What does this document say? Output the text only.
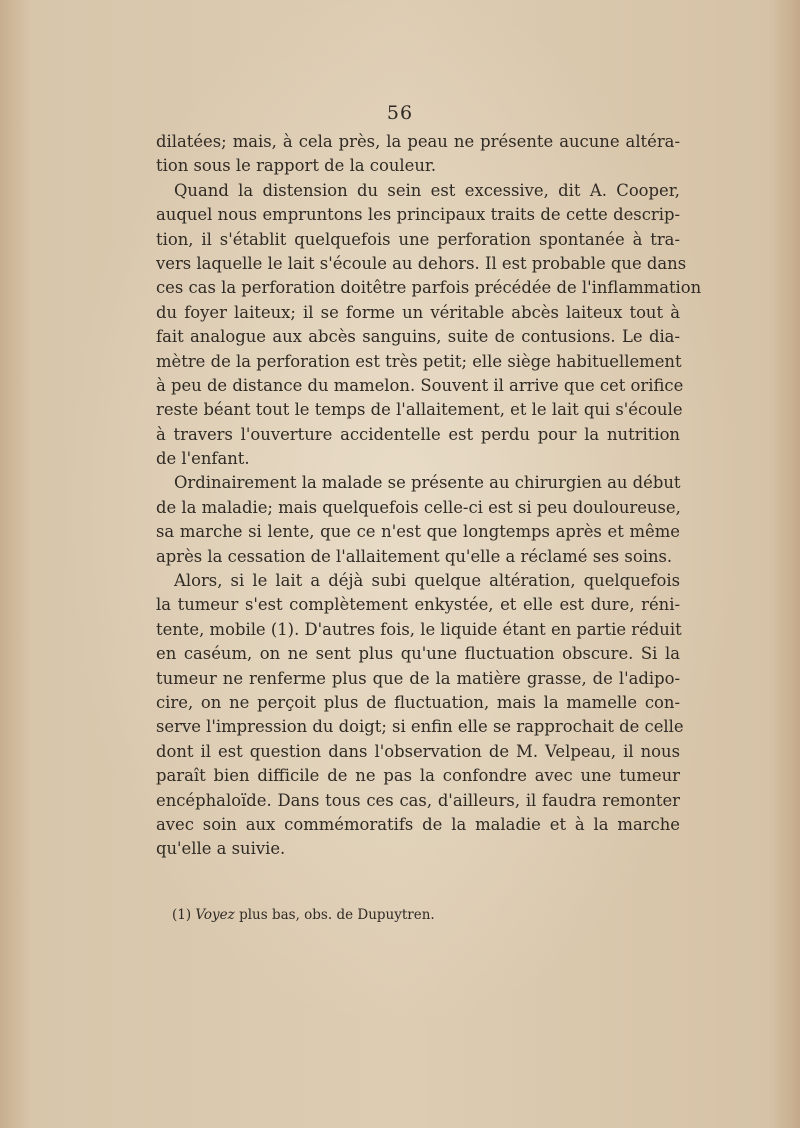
56
dilatées; mais, à cela près, la peau ne présente aucune altéra-
tion sous le rapport de la couleur.
Quand la distension du sein est excessive, dit A. Cooper,
auquel nous empruntons les principaux traits de cette descrip-
tion, il s'établit quelquefois une perforation spontanée à tra-
vers laquelle le lait s'écoule au dehors. Il est probable que dans
ces cas la perforation doitêtre parfois précédée de l'inflammation
du foyer laiteux; il se forme un véritable abcès laiteux tout à
fait analogue aux abcès sanguins, suite de contusions. Le dia-
mètre de la perforation est très petit; elle siège habituellement
à peu de distance du mamelon. Souvent il arrive que cet orifice
reste béant tout le temps de l'allaitement, et le lait qui s'écoule
à travers l'ouverture accidentelle est perdu pour la nutrition
de l'enfant.
Ordinairement la malade se présente au chirurgien au début
de la maladie; mais quelquefois celle-ci est si peu douloureuse,
sa marche si lente, que ce n'est que longtemps après et même
après la cessation de l'allaitement qu'elle a réclamé ses soins.
Alors, si le lait a déjà subi quelque altération, quelquefois
la tumeur s'est complètement enkystée, et elle est dure, réni-
tente, mobile (1). D'autres fois, le liquide étant en partie réduit
en caséum, on ne sent plus qu'une fluctuation obscure. Si la
tumeur ne renferme plus que de la matière grasse, de l'adipo-
cire, on ne perçoit plus de fluctuation, mais la mamelle con-
serve l'impression du doigt; si enfin elle se rapprochait de celle
dont il est question dans l'observation de M. Velpeau, il nous
paraît bien difficile de ne pas la confondre avec une tumeur
encéphaloïde. Dans tous ces cas, d'ailleurs, il faudra remonter
avec soin aux commémoratifs de la maladie et à la marche
qu'elle a suivie.
(1) Voyez plus bas, obs. de Dupuytren.
